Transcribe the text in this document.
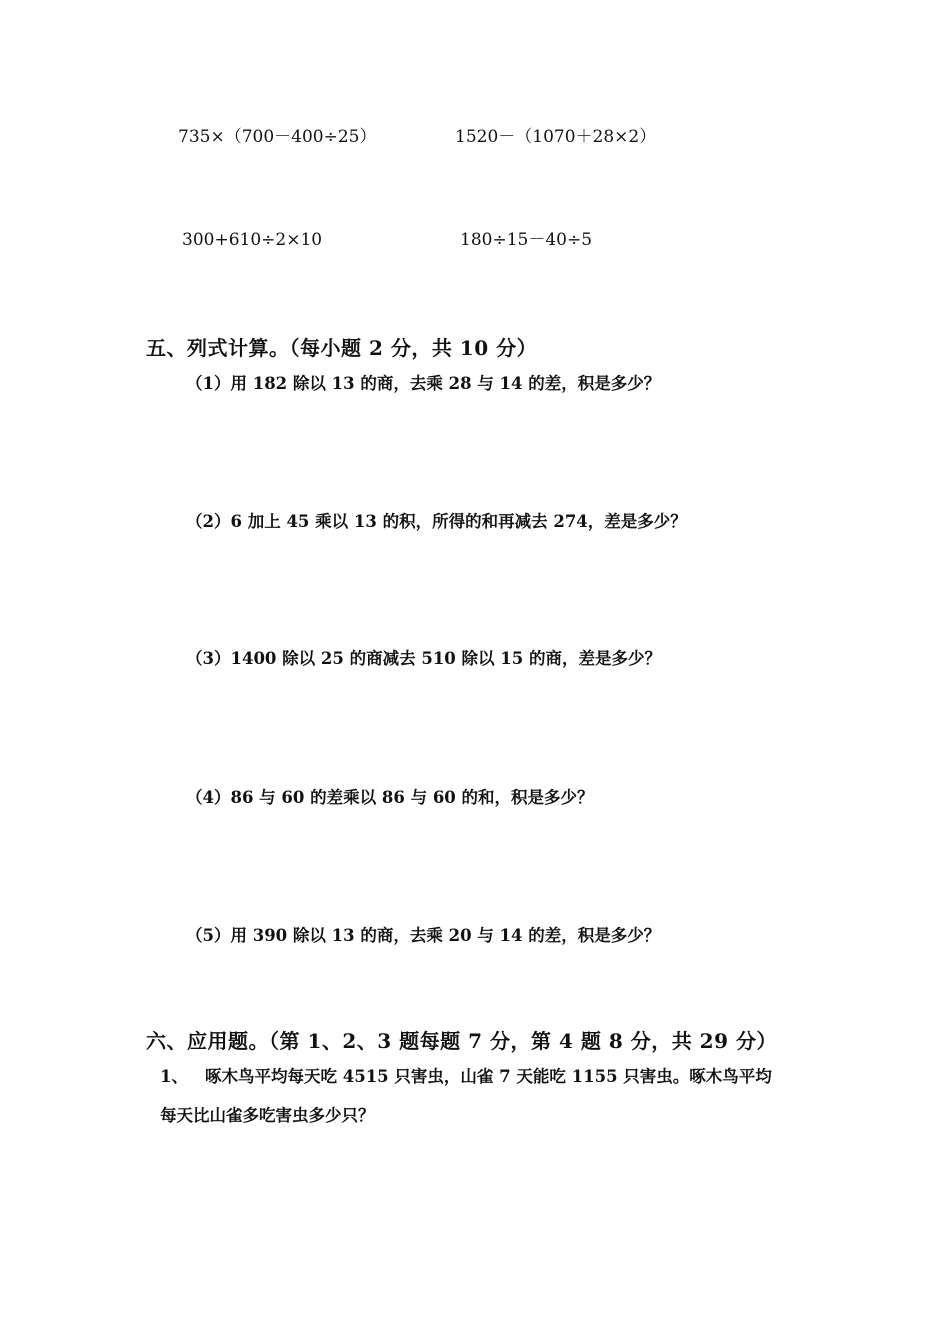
735×（700－400÷25）	1520－（1070＋28×2）
300+610÷2×10	180÷15－40÷5
五、列式计算。（每小题 2 分，共 10 分）
（1）用 182 除以 13 的商，去乘 28 与 14 的差，积是多少？
（2）6 加上 45 乘以 13 的积，所得的和再减去 274，差是多少？
（3）1400 除以 25 的商减去 510 除以 15 的商，差是多少？
（4）86 与 60 的差乘以 86 与 60 的和，积是多少？
（5）用 390 除以 13 的商，去乘 20 与 14 的差，积是多少？
六、应用题。（第 1、2、3 题每题 7 分，第 4 题 8 分，共 29 分）
1、 啄木鸟平均每天吃 4515 只害虫，山雀 7 天能吃 1155 只害虫。啄木鸟平均
每天比山雀多吃害虫多少只？
